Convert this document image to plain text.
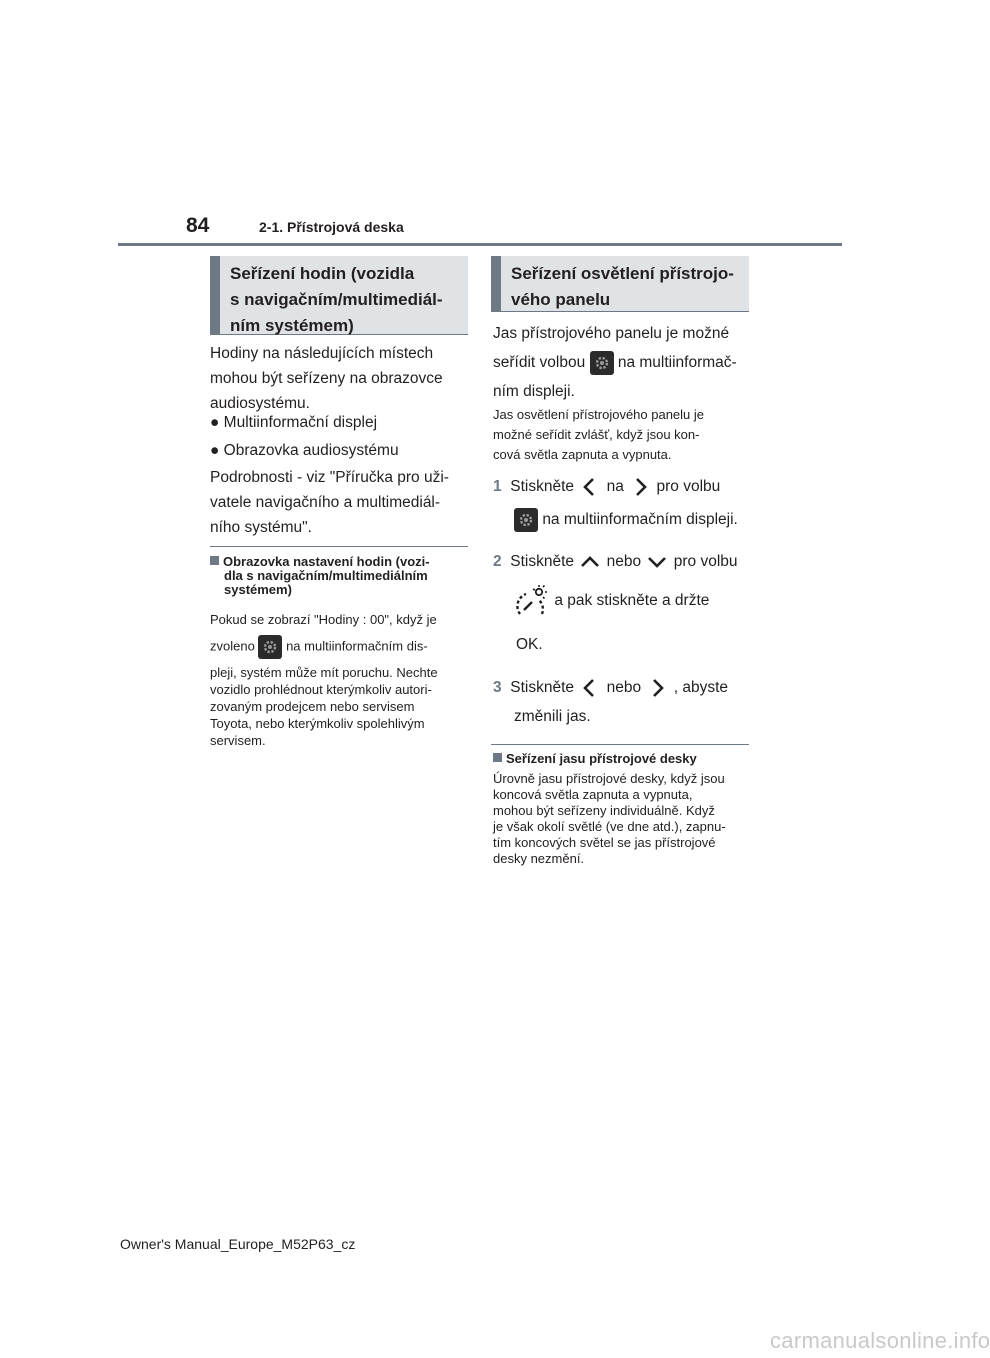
84	2-1. Přístrojová deska
Seřízení hodin (vozidla
s navigačním/multimediál-
ním systémem)
Hodiny na následujících místech
mohou být seřízeny na obrazovce
audiosystému.
● Multiinformační displej
● Obrazovka audiosystému
Podrobnosti - viz "Příručka pro uži-
vatele navigačního a multimediál-
ního systému".
Obrazovka nastavení hodin (vozi-
dla s navigačním/multimediálním
systémem)
Pokud se zobrazí "Hodiny : 00", když je
zvoleno na multiinformačním dis-
pleji, systém může mít poruchu. Nechte
vozidlo prohlédnout kterýmkoliv autori-
zovaným prodejcem nebo servisem
Toyota, nebo kterýmkoliv spolehlivým
servisem.
Seřízení osvětlení přístrojo-
vého panelu
Jas přístrojového panelu je možné
seřídit volbou na multiinformač-
ním displeji.
Jas osvětlení přístrojového panelu je
možné seřídit zvlášť, když jsou kon-
cová světla zapnuta a vypnuta.
1 Stiskněte na pro volbu
na multiinformačním displeji.
2 Stiskněte nebo pro volbu
a pak stiskněte a držte
OK.
3 Stiskněte nebo , abyste
změnili jas.
Seřízení jasu přístrojové desky
Úrovně jasu přístrojové desky, když jsou
koncová světla zapnuta a vypnuta,
mohou být seřízeny individuálně. Když
je však okolí světlé (ve dne atd.), zapnu-
tím koncových světel se jas přístrojové
desky nezmění.
Owner's Manual_Europe_M52P63_cz
carmanualsonline.info
